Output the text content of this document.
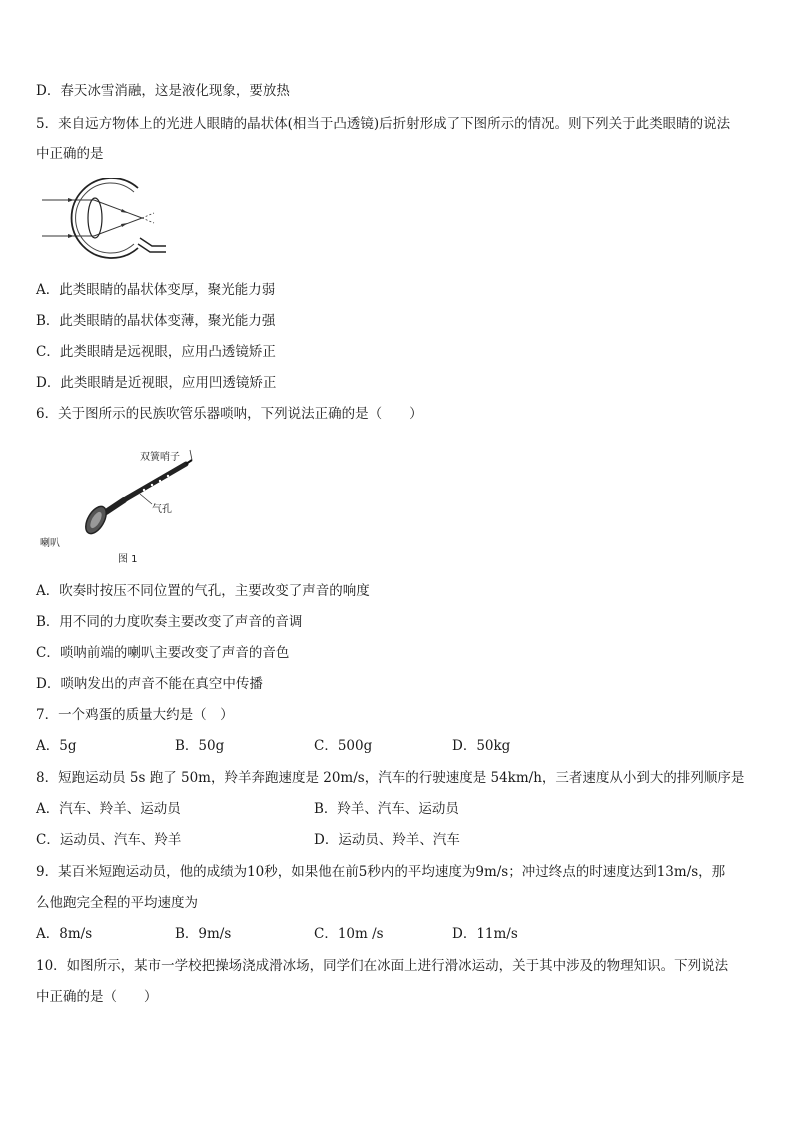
D．春天冰雪消融，这是液化现象，要放热
5．来自远方物体上的光进人眼睛的晶状体(相当于凸透镜)后折射形成了下图所示的情况。则下列关于此类眼睛的说法
中正确的是
A．此类眼睛的晶状体变厚，聚光能力弱
B．此类眼睛的晶状体变薄，聚光能力强
C．此类眼睛是远视眼，应用凸透镜矫正
D．此类眼睛是近视眼，应用凹透镜矫正
6．关于图所示的民族吹管乐器唢呐，下列说法正确的是（　　）
双簧哨子
气孔
喇叭
图 1
A．吹奏时按压不同位置的气孔，主要改变了声音的响度
B．用不同的力度吹奏主要改变了声音的音调
C．唢呐前端的喇叭主要改变了声音的音色
D．唢呐发出的声音不能在真空中传播
7．一个鸡蛋的质量大约是（　）
A．5g	B．50g	C．500g	D．50kg
8．短跑运动员 5s 跑了 50m，羚羊奔跑速度是 20m/s，汽车的行驶速度是 54km/h，三者速度从小到大的排列顺序是
A．汽车、羚羊、运动员	B．羚羊、汽车、运动员
C．运动员、汽车、羚羊	D．运动员、羚羊、汽车
9．某百米短跑运动员，他的成绩为10秒，如果他在前5秒内的平均速度为9m/s；冲过终点的时速度达到13m/s，那
么他跑完全程的平均速度为
A．8m/s	B．9m/s	C．10m /s	D．11m/s
10．如图所示，某市一学校把操场浇成滑冰场，同学们在冰面上进行滑冰运动，关于其中涉及的物理知识。下列说法
中正确的是（　　）
